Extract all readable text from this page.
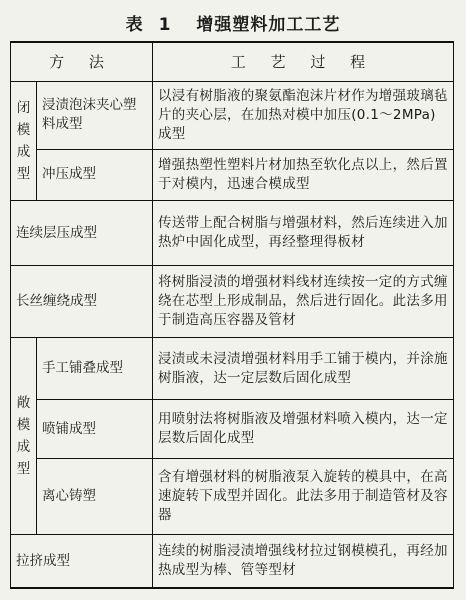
表 1 增强塑料加工工艺
方 法		工 艺 过 程

闭
模
成
型	浸渍泡沫夹心塑料成型	以浸有树脂液的聚氨酯泡沫片材作为增强玻璃毡片的夹心层，在加热对模中加压(0.1～2MPa)成型
	冲压成型	增强热塑性塑料片材加热至软化点以上，然后置于对模内，迅速合模成型
连续层压成型		传送带上配合树脂与增强材料，然后连续进入加热炉中固化成型，再经整理得板材
长丝缠绕成型		将树脂浸渍的增强材料线材连续按一定的方式缠绕在芯型上形成制品，然后进行固化。此法多用于制造高压容器及管材

敞
模
成
型	手工铺叠成型	浸渍或未浸渍增强材料用手工铺于模内，并涂施树脂液，达一定层数后固化成型
	喷铺成型	用喷射法将树脂液及增强材料喷入模内，达一定层数后固化成型
	离心铸塑	含有增强材料的树脂液泵入旋转的模具中，在高速旋转下成型并固化。此法多用于制造管材及容器
拉挤成型		连续的树脂浸渍增强线材拉过钢模模孔，再经加热成型为棒、管等型材
